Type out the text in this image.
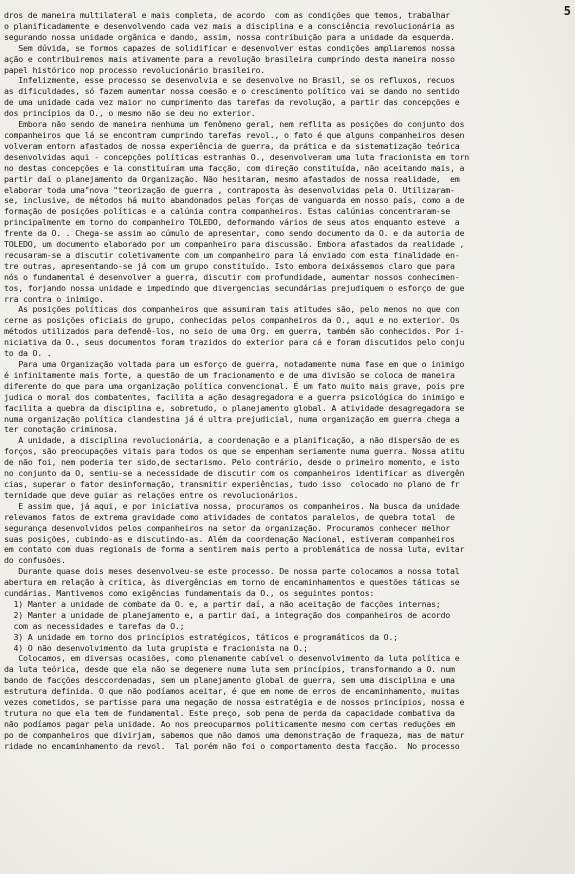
5

dros de maneira multilateral e mais completa, de acordo  com as condições que temos, trabalhar

o planificadamente e desenvolvendo cada vez mais a disciplina e a consciência revolucionária as

segurando nossa unidade orgânica e dando, assim, nossa contribuição para a unidade da esquerda.

Sem dúvida, se formos capazes de solidificar e desenvolver estas condições ampliaremos nossa

ação e contribuiremos mais ativamente para a revolução brasileira cumprindo desta maneira nosso

papel histórico nop processo revolucionário brasileiro.

Infelizmente, esse processo se desenvolvia e se desenvolve no Brasil, se os refluxos, recuos

as dificuldades, só fazem aumentar nossa coesão e o crescimento político vai se dando no sentido

de uma unidade cada vez maior no cumprimento das tarefas da revolução, a partir das concepções e

dos princípios da O., o mesmo não se deu no exterior.

Embora não sendo de maneira nenhuma um fenômeno geral, nem reflita as posições do conjunto dos

companheiros que lá se encontram cumprindo tarefas revol., o fato é que alguns companheiros desen

volveram entorn afastados de nossa experiência de guerra, da prática e da sistematização teórica

desenvolvidas aqui - concepções políticas estranhas O., desenvolveram uma luta fracionista em torn

no destas concepções e la constituíram uma facção, com direção constituída, não aceitando mais, a

partir daí o planejamento da Organização. Não hesitaram, mesmo afastados de nossa realidade,  em

elaborar toda uma"nova "teorização de guerra , contraposta às desenvolvidas pela O. Utilizaram-

se, inclusive, de métodos há muito abandonados pelas forças de vanguarda em nosso país, como a de

formação de posições políticas e a calúnia contra companheiros. Estas calúnias concentraram-se

principalmente em torno do companheiro TOLEDO, deformando vários de seus atos enquanto esteve  a

frente da O. . Chega-se assim ao cúmulo de apresentar, como sendo documento da O. e da autoria de

TOLEDO, um documento elaborado por um companheiro para discussão. Embora afastados da realidade ,

recusaram-se a discutir coletivamente com um companheiro para lá enviado com esta finalidade en-

tre outras, apresentando-se já com um grupo constituído. Isto embora deixássemos claro que para

nós o fundamental é desenvolver a guerra, discutir com profundidade, aumentar nossos conhecimen-

tos, forjando nossa unidade e impedindo que divergencias secundárias prejudiquem o esforço de gue

rra contra o inimigo.

As posições políticas dos companheiros que assumiram tais atitudes são, pelo menos no que con

cerne as posições oficiais do grupo, conhecidas pelos companheiros da O., aqui e no exterior. Os

métodos utilizados para defendê-los, no seio de uma Org. em guerra, também são conhecidos. Por i-

niciativa da O., seus documentos foram trazidos do exterior para cá e foram discutidos pelo conju

to da O. .

Para uma Organização voltada para um esforço de guerra, notadamente numa fase em que o inimigo

é infinitamente mais forte, a questão de um fracionamento e de uma divisão se coloca de maneira

diferente do que para uma organização política convencional. É um fato muito mais grave, pois pre

judica o moral dos combatentes, facilita a ação desagregadora e a guerra psicológica do inimigo e

facilita a quebra da disciplina e, sobretudo, o planejamento global. A atividade desagregadora se

numa organização política clandestina já é ultra prejudicial, numa organização em guerra chega a

ter conotação criminosa.

A unidade, a disciplina revolucionária, a coordenação e a planificação, a não dispersão de es

forços, são preocupações vitais para todos os que se empenham seriamente numa guerra. Nossa atitu

de não foi, nem poderia ter sido,de sectarismo. Pelo contrário, desde o primeiro momento, e isto

no conjunto da O, sentiu-se a necessidade de discutir com os companheiros identificar as divergên

cias, superar o fator desinformação, transmitir experiências, tudo isso  colocado no plano de fr

ternidade que deve guiar as relações entre os revolucionários.

E assim que, já aqui, e por iniciativa nossa, procuramos os companheiros. Na busca da unidade

relevamos fatos de extrema gravidade como atividades de contatos paralelos, de quebra total  de

segurança desenvolvidos pelos companheiros na setor da organização. Procuramos conhecer melhor

suas posições, cubindo-as e discutindo-as. Além da coordenação Nacional, estiveram companheiros

em contato com duas regionais de forma a sentirem mais perto a problemática de nossa luta, evitar

do confusões.

Durante quase dois meses desenvolveu-se este processo. De nossa parte colocamos a nossa total

abertura em relação à crítica, às divergências em torno de encaminhamentos e questões táticas se

cundárias. Mantivemos como exigências fundamentais da O., os seguintes pontos:

1) Manter a unidade de combate da O. e, a partir daí, a não aceitação de facções internas;

2) Manter a unidade de planejamento e, a partir daí, a integração dos companheiros de acordo

com as necessidades e tarefas da O.;

3) A unidade em torno dos princípios estratégicos, táticos e programáticos da O.;

4) O não desenvolvimento da luta grupista e fracionista na O.;

Colocamos, em diversas ocasiões, como plenamente cabível o desenvolvimento da luta política e

da luta teórica, desde que ela não se degenere numa luta sem princípios, transformando a O. num

bando de facções desccordenadas, sem um planejamento global de guerra, sem uma disciplina e uma

estrutura definida. O que não podíamos aceitar, é que em nome de erros de encaminhamento, muitas

vezes cometidos, se partisse para uma negação de nossa estratégia e de nossos princípios, nossa e

trutura no que ela tem de fundamental. Este preço, sob pena de perda da capacidade combativa da

não podíamos pagar pela unidade. Ao nos preocuparmos politicamente mesmo com certas reduções em

po de companheiros que divirjam, sabemos que não damos uma demonstração de fraqueza, mas de matur

ridade no encaminhamento da revol.  Tal porém não foi o comportamento desta facção.  No processo
